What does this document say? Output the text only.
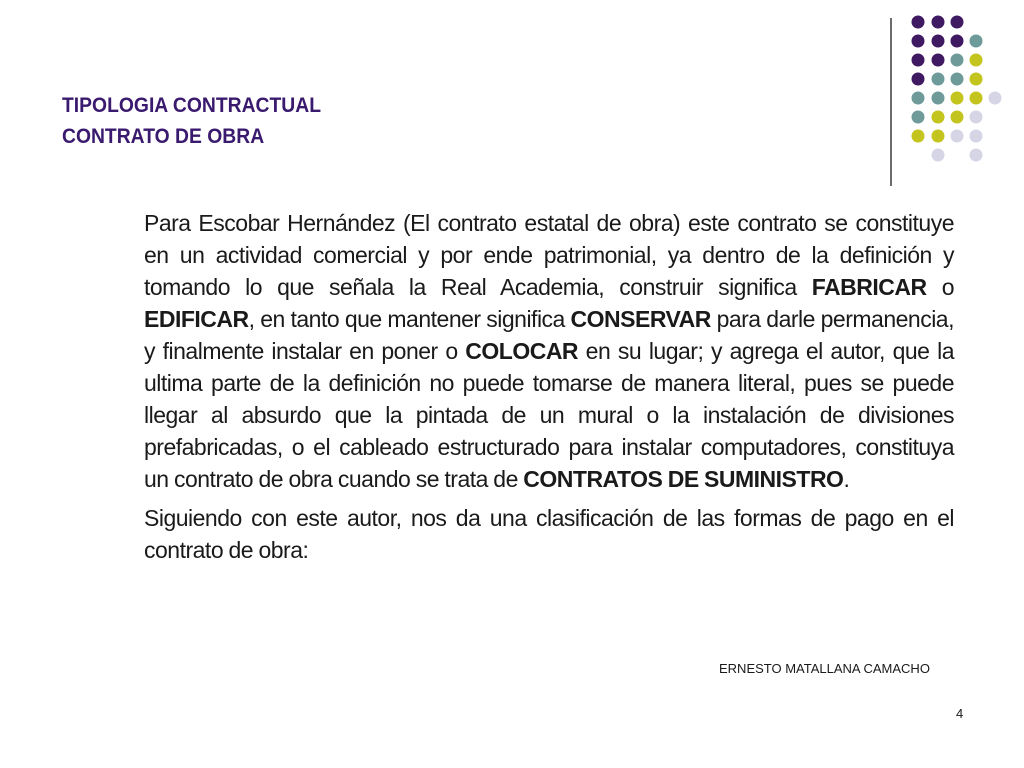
TIPOLOGIA CONTRACTUAL
CONTRATO DE OBRA

Para Escobar Hernández (El contrato estatal de obra) este contrato se constituye en un actividad comercial y por ende patrimonial, ya dentro de la definición y tomando lo que señala la Real Academia, construir significa FABRICAR o EDIFICAR, en tanto que mantener significa CONSERVAR para darle permanencia, y finalmente instalar en poner o COLOCAR en su lugar; y agrega el autor, que la ultima parte de la definición no puede tomarse de manera literal, pues se puede llegar al absurdo que la pintada de un mural o la instalación de divisiones prefabricadas, o el cableado estructurado para instalar computadores, constituya un contrato de obra cuando se trata de CONTRATOS DE SUMINISTRO.

Siguiendo con este autor, nos da una clasificación de las formas de pago en el contrato de obra:

ERNESTO MATALLANA CAMACHO
4
